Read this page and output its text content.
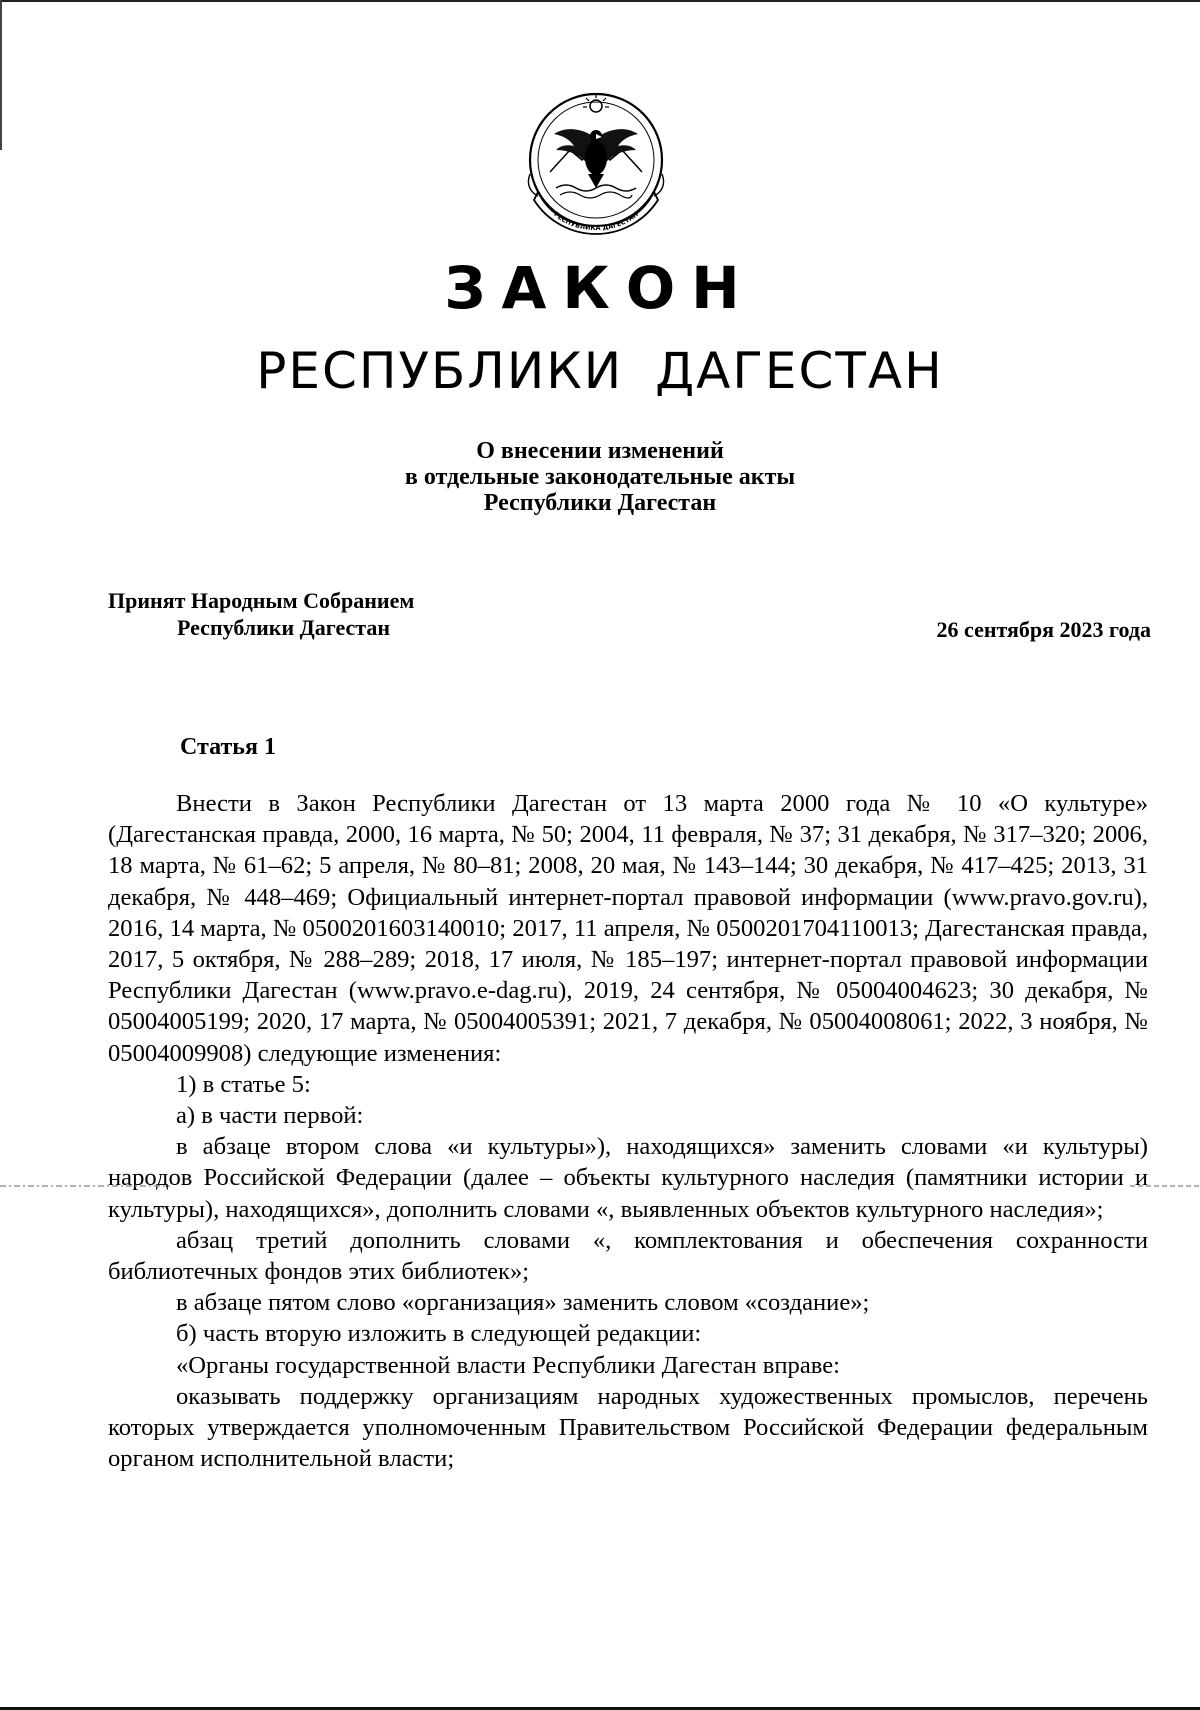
РЕСПУБЛИКА ДАГЕСТАН
ЗАКОН
РЕСПУБЛИКИ ДАГЕСТАН
О внесении изменений
в отдельные законодательные акты
Республики Дагестан
Принят Народным Собранием
Республики Дагестан	26 сентября 2023 года
Статья 1

Внести в Закон Республики Дагестан от 13 марта 2000 года № 10 «О культуре» (Дагестанская правда, 2000, 16 марта, № 50; 2004, 11 февраля, № 37; 31 декабря, № 317–320; 2006, 18 марта, № 61–62; 5 апреля, № 80–81; 2008, 20 мая, № 143–144; 30 декабря, № 417–425; 2013, 31 декабря, № 448–469; Официальный интернет-портал правовой информации (www.pravo.gov.ru), 2016, 14 марта, № 0500201603140010; 2017, 11 апреля, № 0500201704110013; Дагестанская правда, 2017, 5 октября, № 288–289; 2018, 17 июля, № 185–197; интернет-портал правовой информации Республики Дагестан (www.pravo.e-dag.ru), 2019, 24 сентября, № 05004004623; 30 декабря, № 05004005199; 2020, 17 марта, № 05004005391; 2021, 7 декабря, № 05004008061; 2022, 3 ноября, № 05004009908) следующие изменения:

1) в статье 5:

а) в части первой:

в абзаце втором слова «и культуры»), находящихся» заменить словами «и культуры) народов Российской Федерации (далее – объекты культурного наследия (памятники истории и культуры), находящихся», дополнить словами «, выявленных объектов культурного наследия»;

абзац третий дополнить словами «, комплектования и обеспечения сохранности библиотечных фондов этих библиотек»;

в абзаце пятом слово «организация» заменить словом «создание»;

б) часть вторую изложить в следующей редакции:

«Органы государственной власти Республики Дагестан вправе:

оказывать поддержку организациям народных художественных промыслов, перечень которых утверждается уполномоченным Правительством Российской Федерации федеральным органом исполнительной власти;
